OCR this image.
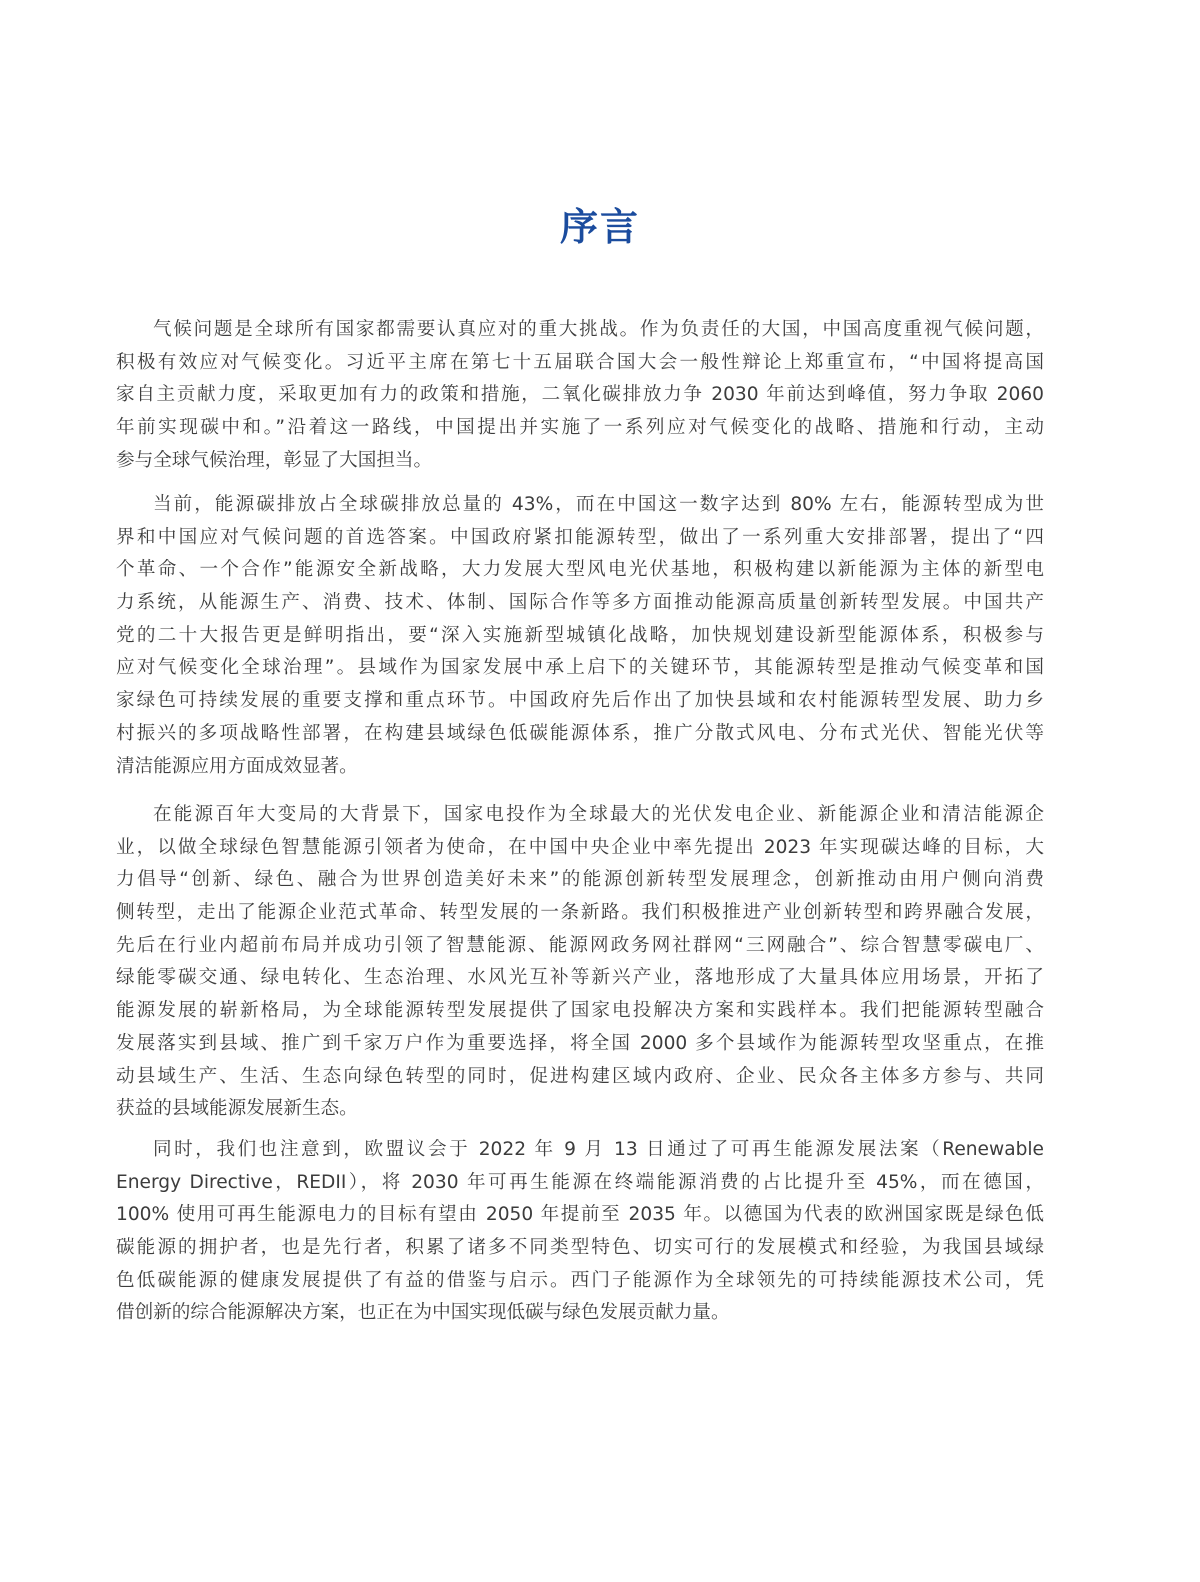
序言
气候问题是全球所有国家都需要认真应对的重大挑战。作为负责任的大国，中国高度重视气候问题，
积极有效应对气候变化。习近平主席在第七十五届联合国大会一般性辩论上郑重宣布，“中国将提高国
家自主贡献力度，采取更加有力的政策和措施，二氧化碳排放力争 2030 年前达到峰值，努力争取 2060
年前实现碳中和。”沿着这一路线，中国提出并实施了一系列应对气候变化的战略、措施和行动，主动
参与全球气候治理，彰显了大国担当。
当前，能源碳排放占全球碳排放总量的 43%，而在中国这一数字达到 80% 左右，能源转型成为世
界和中国应对气候问题的首选答案。中国政府紧扣能源转型，做出了一系列重大安排部署，提出了“四
个革命、一个合作”能源安全新战略，大力发展大型风电光伏基地，积极构建以新能源为主体的新型电
力系统，从能源生产、消费、技术、体制、国际合作等多方面推动能源高质量创新转型发展。中国共产
党的二十大报告更是鲜明指出，要“深入实施新型城镇化战略，加快规划建设新型能源体系，积极参与
应对气候变化全球治理”。县域作为国家发展中承上启下的关键环节，其能源转型是推动气候变革和国
家绿色可持续发展的重要支撑和重点环节。中国政府先后作出了加快县域和农村能源转型发展、助力乡
村振兴的多项战略性部署，在构建县域绿色低碳能源体系，推广分散式风电、分布式光伏、智能光伏等
清洁能源应用方面成效显著。
在能源百年大变局的大背景下，国家电投作为全球最大的光伏发电企业、新能源企业和清洁能源企
业，以做全球绿色智慧能源引领者为使命，在中国中央企业中率先提出 2023 年实现碳达峰的目标，大
力倡导“创新、绿色、融合为世界创造美好未来”的能源创新转型发展理念，创新推动由用户侧向消费
侧转型，走出了能源企业范式革命、转型发展的一条新路。我们积极推进产业创新转型和跨界融合发展，
先后在行业内超前布局并成功引领了智慧能源、能源网政务网社群网“三网融合”、综合智慧零碳电厂、
绿能零碳交通、绿电转化、生态治理、水风光互补等新兴产业，落地形成了大量具体应用场景，开拓了
能源发展的崭新格局，为全球能源转型发展提供了国家电投解决方案和实践样本。我们把能源转型融合
发展落实到县域、推广到千家万户作为重要选择，将全国 2000 多个县域作为能源转型攻坚重点，在推
动县域生产、生活、生态向绿色转型的同时，促进构建区域内政府、企业、民众各主体多方参与、共同
获益的县域能源发展新生态。
同时，我们也注意到，欧盟议会于 2022 年 9 月 13 日通过了可再生能源发展法案（Renewable
Energy Directive，REDII），将 2030 年可再生能源在终端能源消费的占比提升至 45%，而在德国，
100% 使用可再生能源电力的目标有望由 2050 年提前至 2035 年。以德国为代表的欧洲国家既是绿色低
碳能源的拥护者，也是先行者，积累了诸多不同类型特色、切实可行的发展模式和经验，为我国县域绿
色低碳能源的健康发展提供了有益的借鉴与启示。西门子能源作为全球领先的可持续能源技术公司，凭
借创新的综合能源解决方案，也正在为中国实现低碳与绿色发展贡献力量。
